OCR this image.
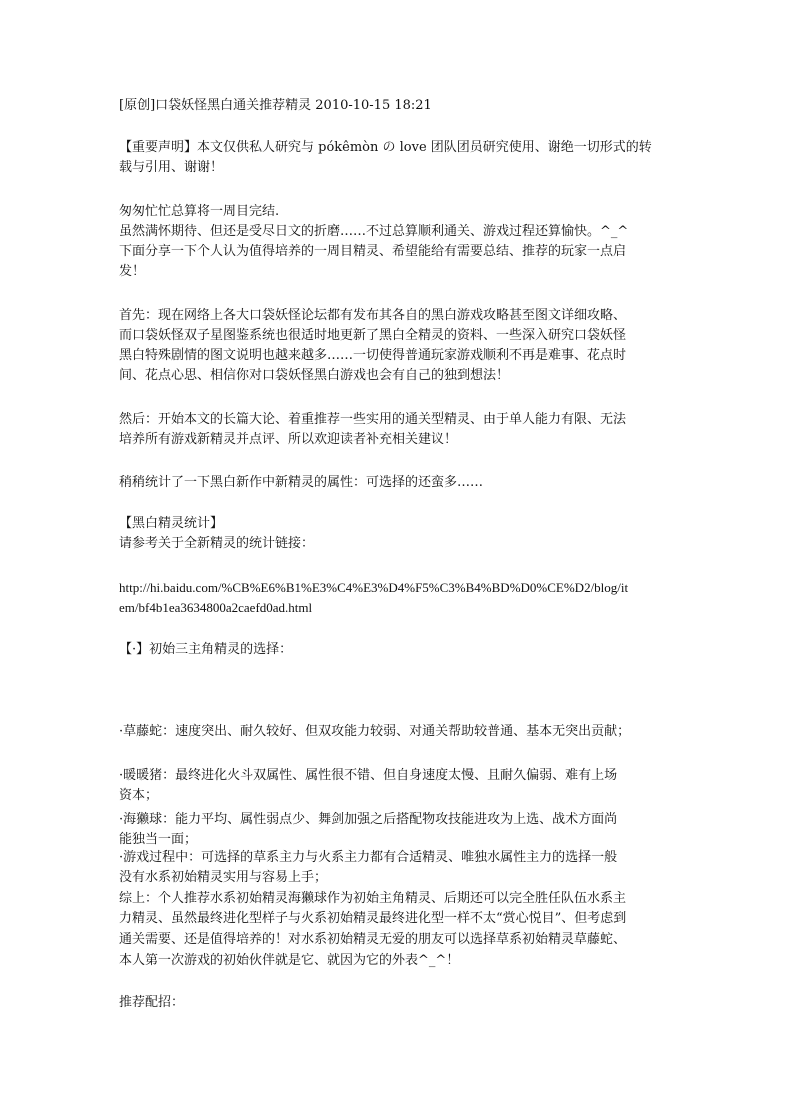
[原创]口袋妖怪黑白通关推荐精灵 2010-10-15 18:21
【重要声明】本文仅供私人研究与 pókêmòn の love 团队团员研究使用、谢绝一切形式的转
载与引用、谢谢！
匆匆忙忙总算将一周目完结.
虽然满怀期待、但还是受尽日文的折磨……不过总算顺利通关、游戏过程还算愉快。^_^
下面分享一下个人认为值得培养的一周目精灵、希望能给有需要总结、推荐的玩家一点启
发！
首先：现在网络上各大口袋妖怪论坛都有发布其各自的黑白游戏攻略甚至图文详细攻略、
而口袋妖怪双子星图鉴系统也很适时地更新了黑白全精灵的资料、一些深入研究口袋妖怪
黑白特殊剧情的图文说明也越来越多……一切使得普通玩家游戏顺利不再是难事、花点时
间、花点心思、相信你对口袋妖怪黑白游戏也会有自己的独到想法！
然后：开始本文的长篇大论、着重推荐一些实用的通关型精灵、由于单人能力有限、无法
培养所有游戏新精灵并点评、所以欢迎读者补充相关建议！
稍稍统计了一下黑白新作中新精灵的属性：可选择的还蛮多……
【黑白精灵统计】
请参考关于全新精灵的统计链接：
http://hi.baidu.com/%CB%E6%B1%E3%C4%E3%D4%F5%C3%B4%BD%D0%CE%D2/blog/it
em/bf4b1ea3634800a2caefd0ad.html
【·】初始三主角精灵的选择：
·草藤蛇：速度突出、耐久较好、但双攻能力较弱、对通关帮助较普通、基本无突出贡献；
·暖暖猪：最终进化火斗双属性、属性很不错、但自身速度太慢、且耐久偏弱、难有上场
资本；
·海獭球：能力平均、属性弱点少、舞剑加强之后搭配物攻技能进攻为上选、战术方面尚
能独当一面；
·游戏过程中：可选择的草系主力与火系主力都有合适精灵、唯独水属性主力的选择一般
没有水系初始精灵实用与容易上手；
综上：个人推荐水系初始精灵海獭球作为初始主角精灵、后期还可以完全胜任队伍水系主
力精灵、虽然最终进化型样子与火系初始精灵最终进化型一样不太“赏心悦目”、但考虑到
通关需要、还是值得培养的！对水系初始精灵无爱的朋友可以选择草系初始精灵草藤蛇、
本人第一次游戏的初始伙伴就是它、就因为它的外表^_^！
推荐配招：
